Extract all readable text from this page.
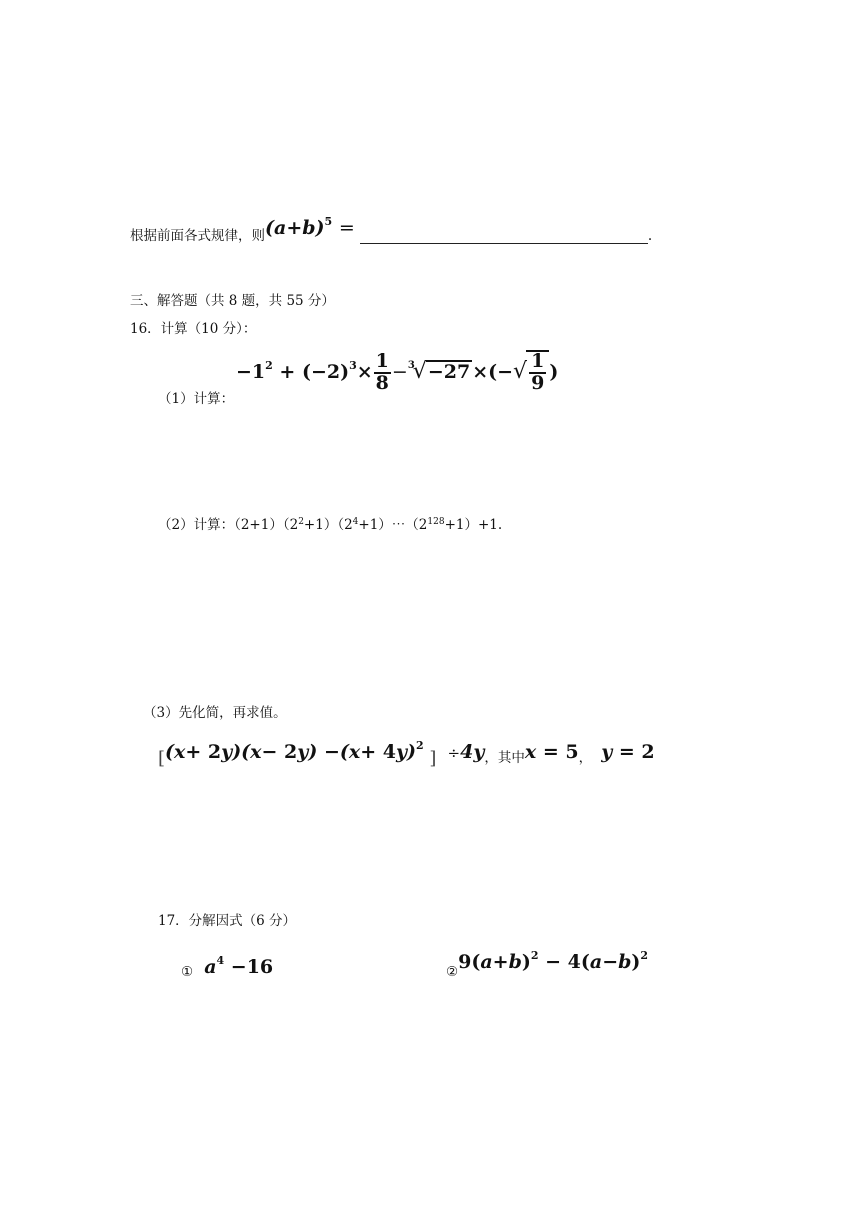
根据前面各式规律，则$(a+b)^5$ =	.
三、解答题（共 8 题，共 55 分）
16．计算（10 分）：
（1）计算：
$-1^2 + (-2)^3\times \frac{1}{8} -^3√-27$ ×(−√ $\frac{1}{9}$ )
（2）计算：$(2+1)(2^2+1)(2^4+1)\cdots(2^{128}+1)+1$.
（3）先化简，再求值。
[$(x+ 2y)(x- 2y) -(x+ 4y)^2$ ] $\div 4y_{,其中}x = 5_,$ y = 2
17．分解因式（6 分）
① $a^4 -16$	$_②9(a+b)^2 - 4(a-b)^2$
